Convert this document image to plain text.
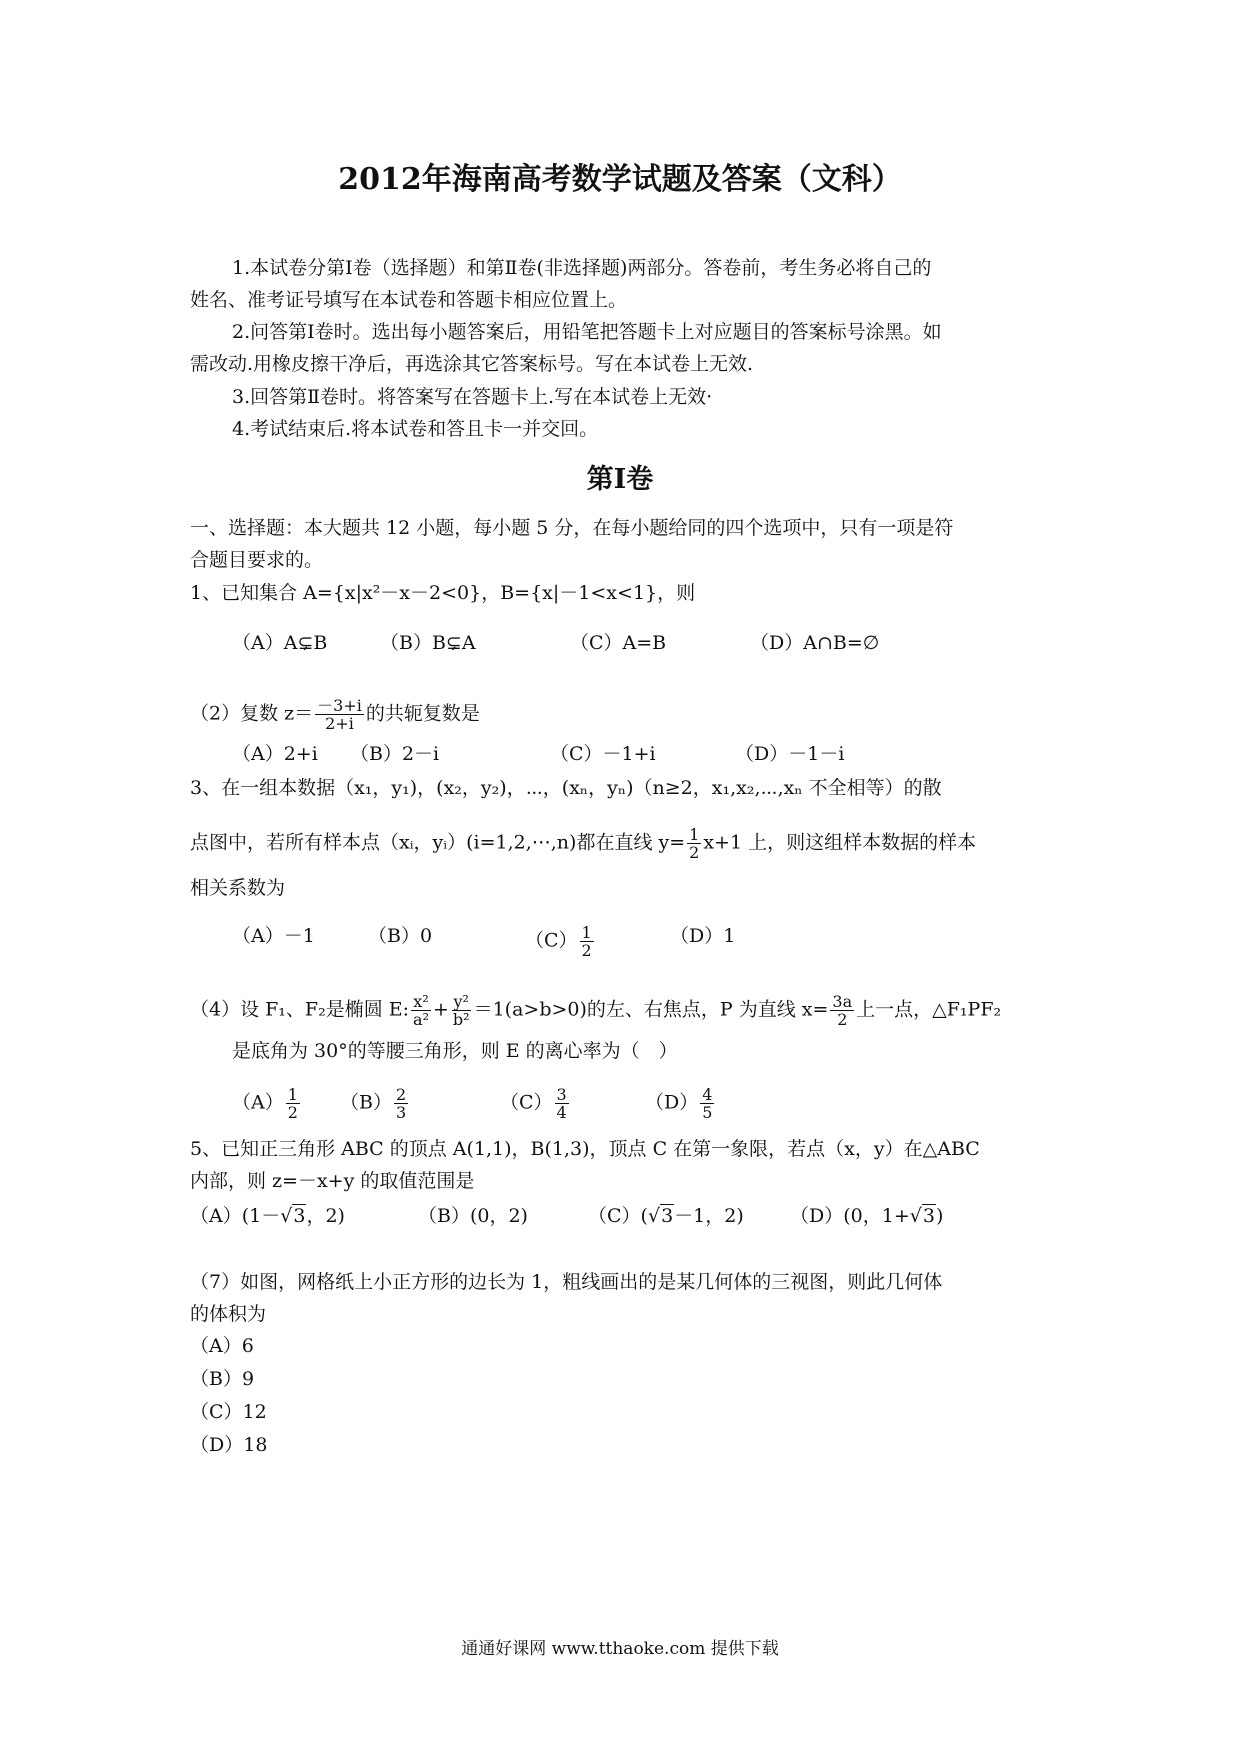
2012年海南高考数学试题及答案（文科）
1.本试卷分第Ⅰ卷（选择题）和第Ⅱ卷(非选择题)两部分。答卷前，考生务必将自己的
姓名、准考证号填写在本试卷和答题卡相应位置上。
2.问答第Ⅰ卷时。选出每小题答案后，用铅笔把答题卡上对应题目的答案标号涂黑。如
需改动.用橡皮擦干净后，再选涂其它答案标号。写在本试卷上无效.
3.回答第Ⅱ卷时。将答案写在答题卡上.写在本试卷上无效·
4.考试结束后.将本试卷和答且卡一并交回。
第Ⅰ卷
一、选择题：本大题共 12 小题，每小题 5 分，在每小题给同的四个选项中，只有一项是符
合题目要求的。
1、已知集合 A={x|x²－x－2<0}，B={x|－1<x<1}，则
（A）A⊊B	（B）B⊊A	（C）A=B	（D）A∩B=∅
（2）复数 $z= \frac{-3+i}{2+i}$ 的共轭复数是
（A）2+i （B）2－i	（C）－1+i	（D）－1－i
3、在一组本数据（x₁，y₁)，(x₂，y₂)，⋯，(xₙ，yₙ)（n≥2，x₁,x₂,⋯,xₙ 不全相等）的散
点图中，若所有样本点（xᵢ，yᵢ）(i=1,2,⋯,n)都在直线 $y= \frac{1}{2} x+1$ 上，则这组样本数据的样本
相关系数为
（A）－1	（B）0	$(C) \frac{1}{2}$	（D）1
（4）设 F₁、F₂是椭圆 E: $\frac{\text{x²}}{\text{a²}} + \frac{\text{y²}}{\text{b²}} =1(a>b>0)$的左、右焦点，P 为直线 $x= \frac{3a}{2}$ 上一点，△F₁PF₂
是底角为 30°的等腰三角形，则 E 的离心率为（　）
$(A) \frac{1}{2} (B) \frac{2}{3}$	$(C) \frac{3}{4}$	$(D) \frac{4}{5}$
5、已知正三角形 ABC 的顶点 A(1,1)，B(1,3)，顶点 C 在第一象限，若点（x，y）在△ABC
内部，则 z=－x+y 的取值范围是
（A）(1－√3，2)	（B）(0，2)	（C）(√3－1，2) （D）(0，1+√3)
（7）如图，网格纸上小正方形的边长为 1，粗线画出的是某几何体的三视图，则此几何体
的体积为
（A）6
（B）9
（C）12
（D）18
通通好课网 www.tthaoke.com 提供下载
